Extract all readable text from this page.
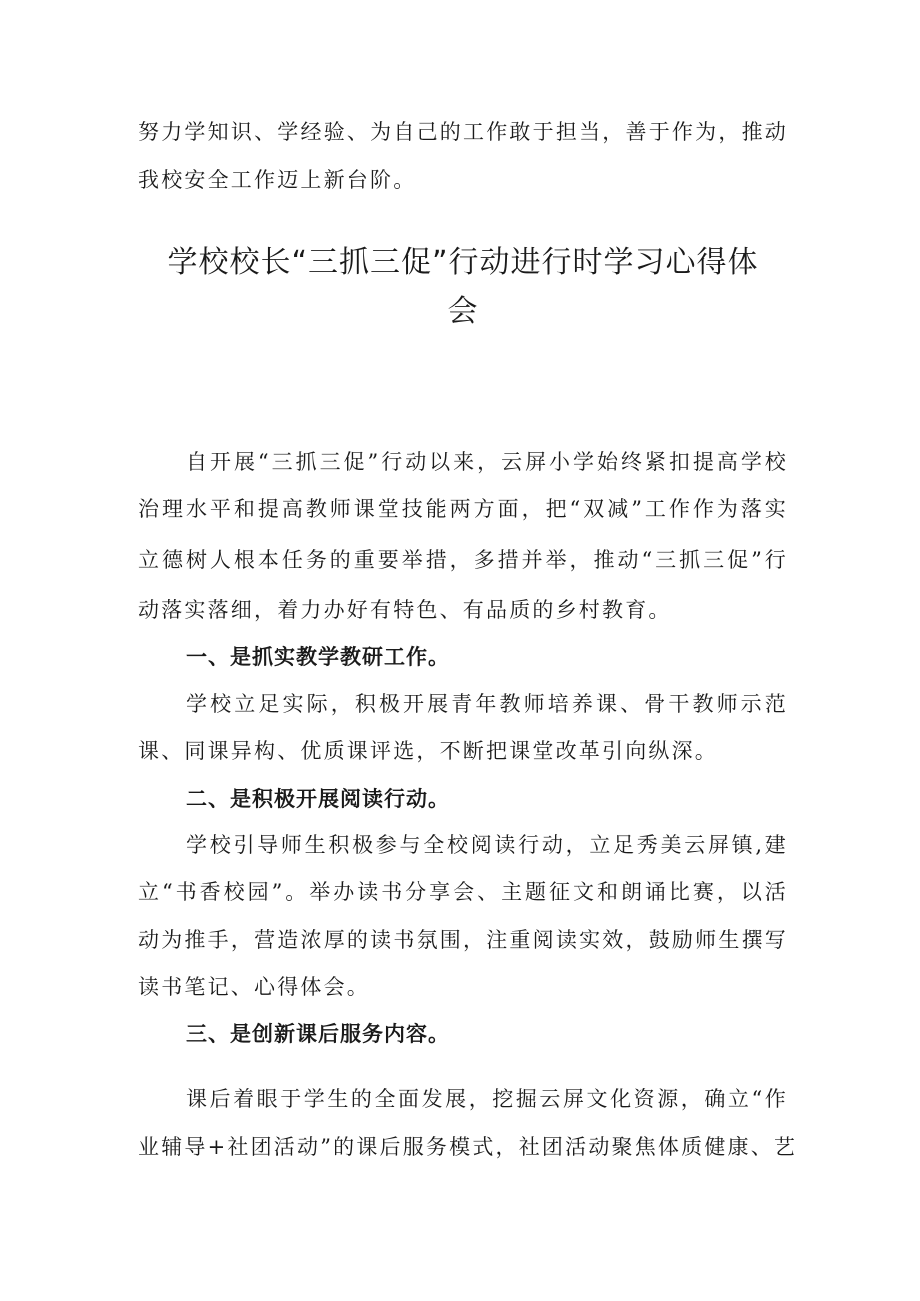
努力学知识、学经验、为自己的工作敢于担当，善于作为，推动
我校安全工作迈上新台阶。
学校校长“三抓三促”行动进行时学习心得体
会
自开展“三抓三促”行动以来，云屏小学始终紧扣提高学校
治理水平和提高教师课堂技能两方面，把“双减”工作作为落实
立德树人根本任务的重要举措，多措并举，推动“三抓三促”行
动落实落细，着力办好有特色、有品质的乡村教育。
一、是抓实教学教研工作。
学校立足实际，积极开展青年教师培养课、骨干教师示范
课、同课异构、优质课评选，不断把课堂改革引向纵深。
二、是积极开展阅读行动。
学校引导师生积极参与全校阅读行动，立足秀美云屏镇,建
立“书香校园”。举办读书分享会、主题征文和朗诵比赛，以活
动为推手，营造浓厚的读书氛围，注重阅读实效，鼓励师生撰写
读书笔记、心得体会。
三、是创新课后服务内容。
课后着眼于学生的全面发展，挖掘云屏文化资源，确立“作
业辅导+社团活动”的课后服务模式，社团活动聚焦体质健康、艺
